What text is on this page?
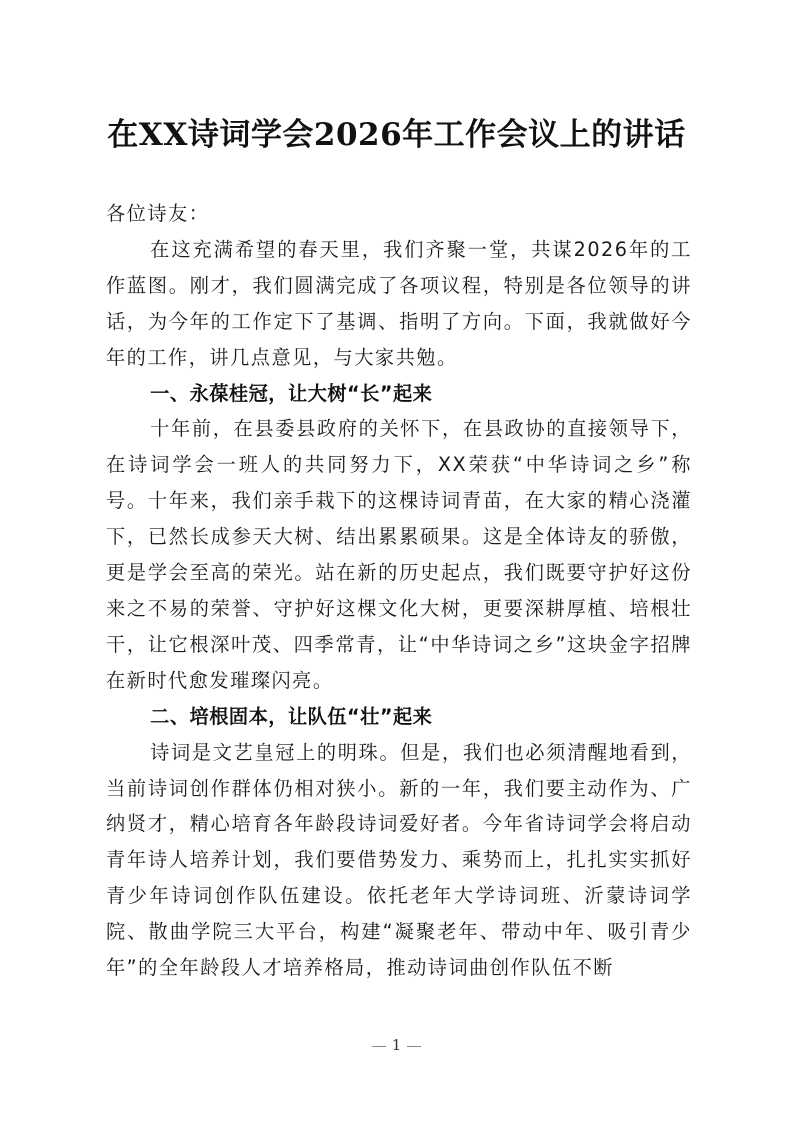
在XX诗词学会2026年工作会议上的讲话

各位诗友：

在这充满希望的春天里，我们齐聚一堂，共谋2026年的工作蓝图。刚才，我们圆满完成了各项议程，特别是各位领导的讲话，为今年的工作定下了基调、指明了方向。下面，我就做好今年的工作，讲几点意见，与大家共勉。

一、永葆桂冠，让大树“长”起来

十年前，在县委县政府的关怀下，在县政协的直接领导下，在诗词学会一班人的共同努力下，XX荣获“中华诗词之乡”称号。十年来，我们亲手栽下的这棵诗词青苗，在大家的精心浇灌下，已然长成参天大树、结出累累硕果。这是全体诗友的骄傲，更是学会至高的荣光。站在新的历史起点，我们既要守护好这份来之不易的荣誉、守护好这棵文化大树，更要深耕厚植、培根壮干，让它根深叶茂、四季常青，让“中华诗词之乡”这块金字招牌在新时代愈发璀璨闪亮。

二、培根固本，让队伍“壮”起来

诗词是文艺皇冠上的明珠。但是，我们也必须清醒地看到，当前诗词创作群体仍相对狭小。新的一年，我们要主动作为、广纳贤才，精心培育各年龄段诗词爱好者。今年省诗词学会将启动青年诗人培养计划，我们要借势发力、乘势而上，扎扎实实抓好青少年诗词创作队伍建设。依托老年大学诗词班、沂蒙诗词学院、散曲学院三大平台，构建“凝聚老年、带动中年、吸引青少年”的全年龄段人才培养格局，推动诗词曲创作队伍不断

1
